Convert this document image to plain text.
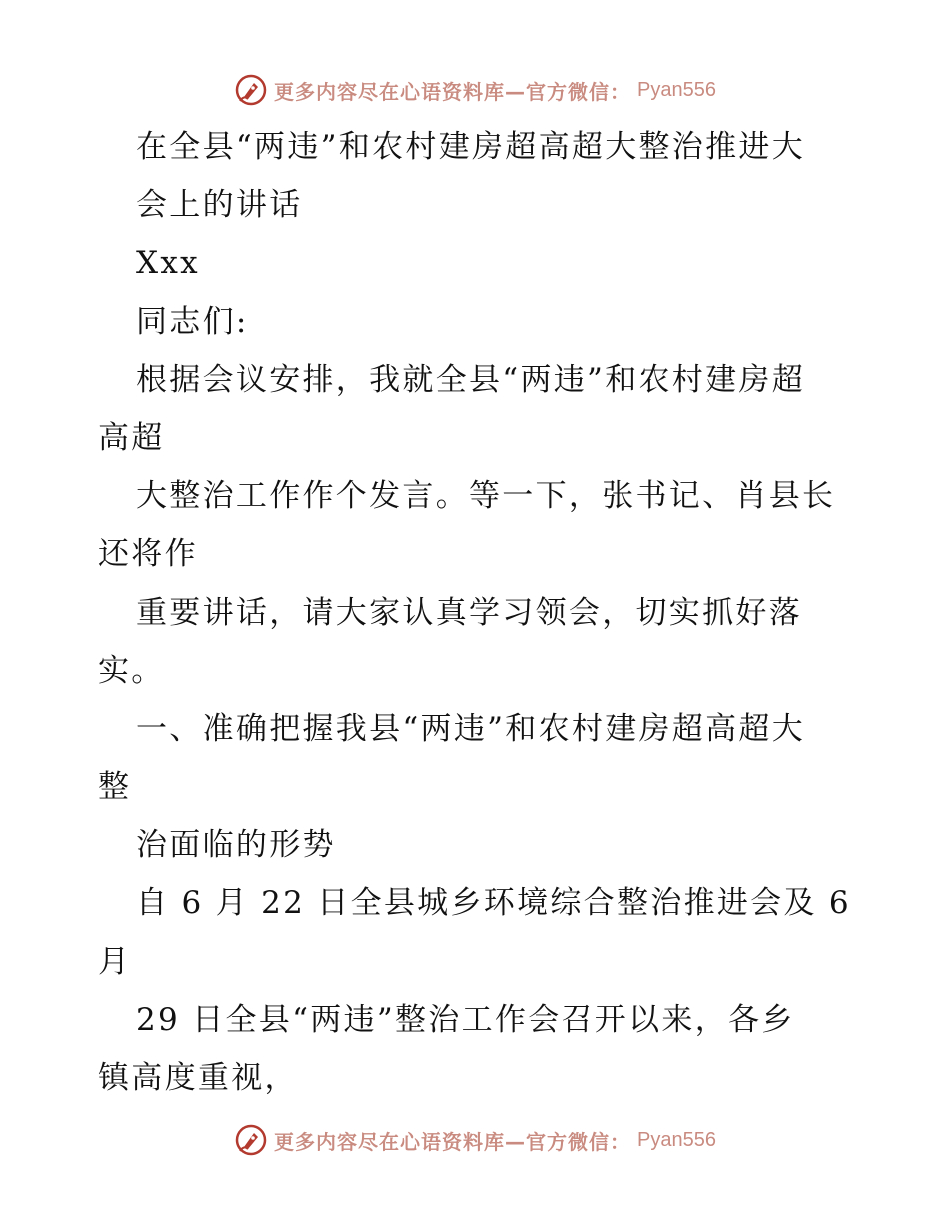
更多内容尽在心语资料库—官方微信： Pyan556
在全县“两违”和农村建房超高超大整治推进大
会上的讲话
Xxx
同志们:
根据会议安排，我就全县“两违”和农村建房超
高超
大整治工作作个发言。等一下，张书记、肖县长
还将作
重要讲话，请大家认真学习领会，切实抓好落
实。
一、准确把握我县“两违”和农村建房超高超大
整
治面临的形势
自 6 月 22 日全县城乡环境综合整治推进会及 6
月
29 日全县“两违”整治工作会召开以来，各乡
镇高度重视，
更多内容尽在心语资料库—官方微信： Pyan556
